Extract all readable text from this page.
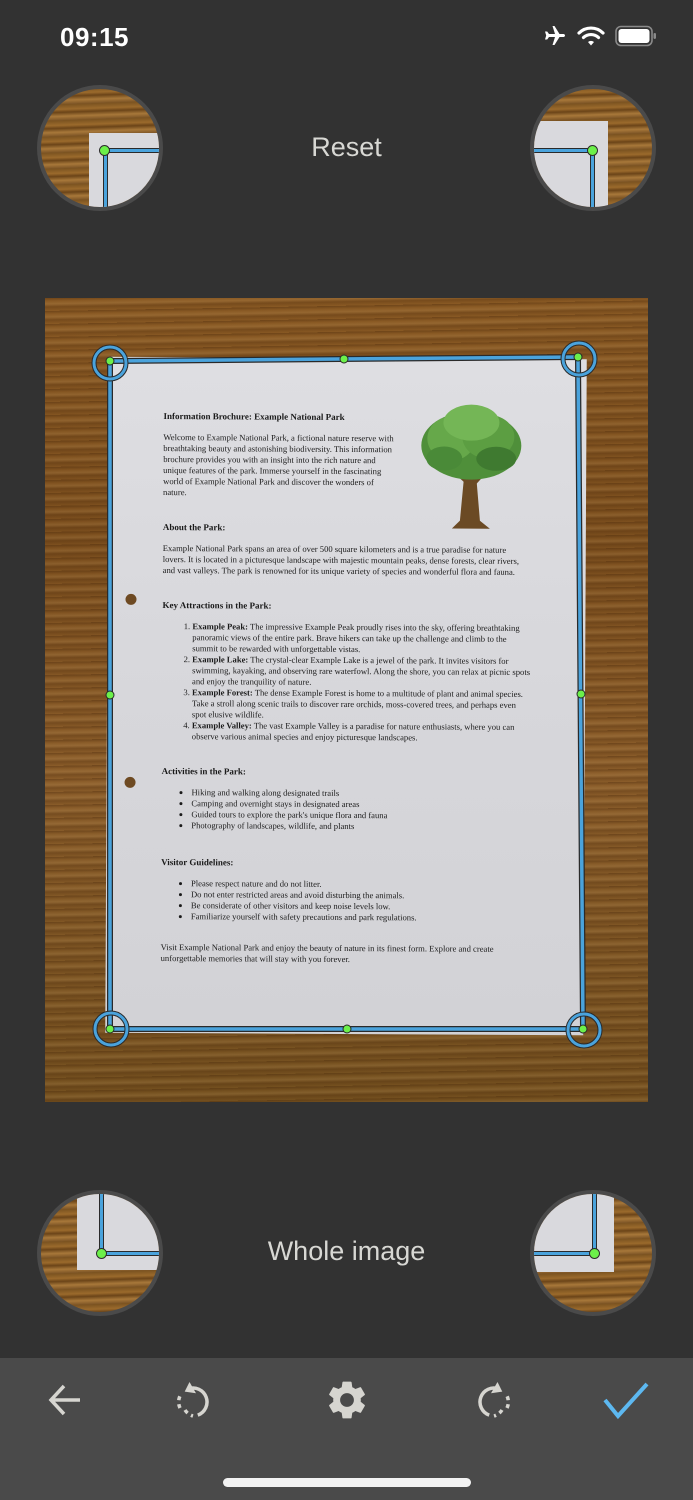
09:15
Reset
Information Brochure: Example National Park
Welcome to Example National Park, a fictional nature reserve with breathtaking beauty and astonishing biodiversity. This information brochure provides you with an insight into the rich nature and unique features of the park. Immerse yourself in the fascinating world of Example National Park and discover the wonders of nature.
About the Park:
Example National Park spans an area of over 500 square kilometers and is a true paradise for nature lovers. It is located in a picturesque landscape with majestic mountain peaks, dense forests, clear rivers, and vast valleys. The park is renowned for its unique variety of species and wonderful flora and fauna.
Key Attractions in the Park:
1. Example Peak: The impressive Example Peak proudly rises into the sky, offering breathtaking panoramic views of the entire park. Brave hikers can take up the challenge and climb to the summit to be rewarded with unforgettable vistas.
2. Example Lake: The crystal-clear Example Lake is a jewel of the park. It invites visitors for swimming, kayaking, and observing rare waterfowl. Along the shore, you can relax at picnic spots and enjoy the tranquility of nature.
3. Example Forest: The dense Example Forest is home to a multitude of plant and animal species. Take a stroll along scenic trails to discover rare orchids, moss-covered trees, and perhaps even spot elusive wildlife.
4. Example Valley: The vast Example Valley is a paradise for nature enthusiasts, where you can observe various animal species and enjoy picturesque landscapes.
Activities in the Park:
• Hiking and walking along designated trails
• Camping and overnight stays in designated areas
• Guided tours to explore the park's unique flora and fauna
• Photography of landscapes, wildlife, and plants
Visitor Guidelines:
• Please respect nature and do not litter.
• Do not enter restricted areas and avoid disturbing the animals.
• Be considerate of other visitors and keep noise levels low.
• Familiarize yourself with safety precautions and park regulations.
Visit Example National Park and enjoy the beauty of nature in its finest form. Explore and create unforgettable memories that will stay with you forever.
Whole image
